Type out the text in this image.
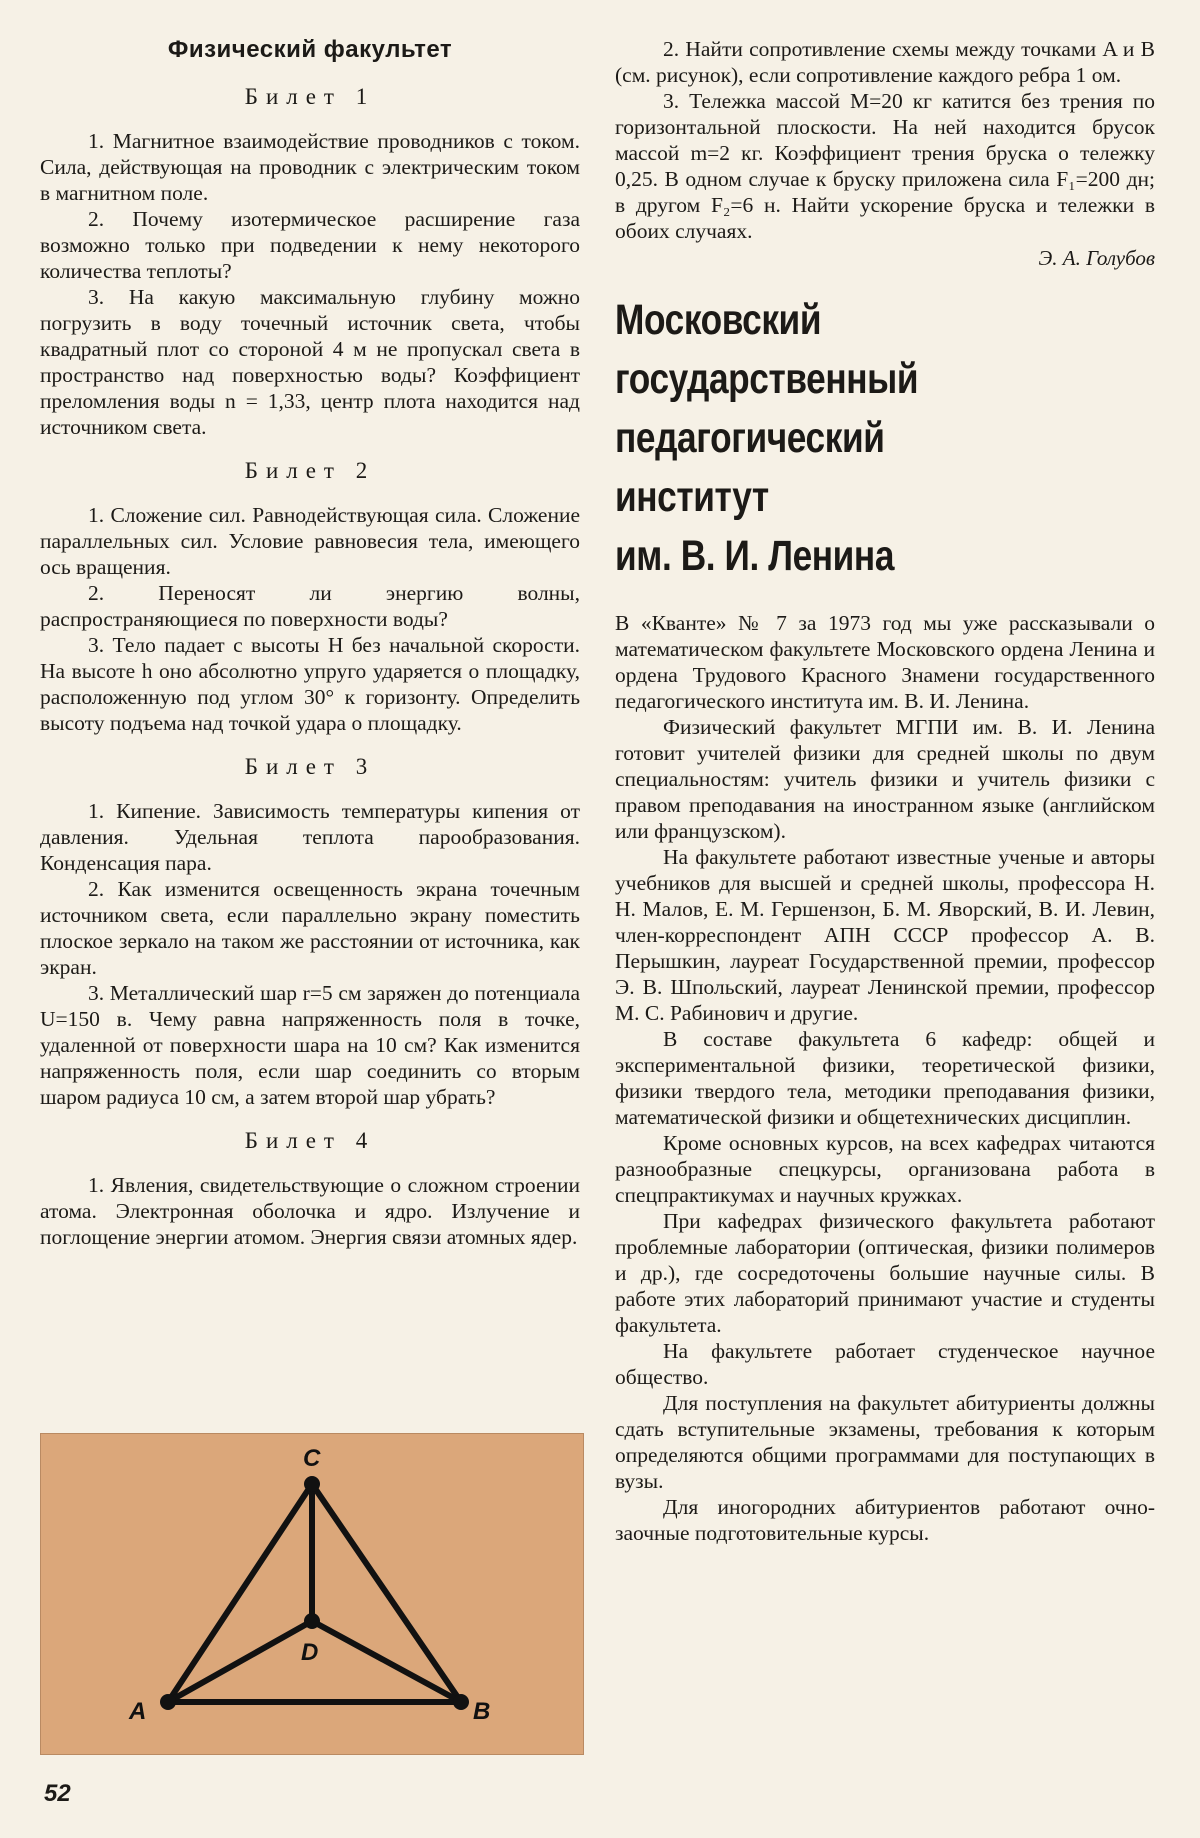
Физический факультет
Билет 1

1. Магнитное взаимодействие проводников с током. Сила, действующая на проводник с электрическим током в магнитном поле.

2. Почему изотермическое расширение газа возможно только при подведении к нему некоторого количества теплоты?

3. На какую максимальную глубину можно погрузить в воду точечный источник света, чтобы квадратный плот со стороной 4 м не пропускал света в пространство над поверхностью воды? Коэффициент преломления воды n = 1,33, центр плота находится над источником света.

Билет 2

1. Сложение сил. Равнодействующая сила. Сложение параллельных сил. Условие равновесия тела, имеющего ось вращения.

2. Переносят ли энергию волны, распространяющиеся по поверхности воды?

3. Тело падает с высоты H без начальной скорости. На высоте h оно абсолютно упруго ударяется о площадку, расположенную под углом 30° к горизонту. Определить высоту подъема над точкой удара о площадку.

Билет 3

1. Кипение. Зависимость температуры кипения от давления. Удельная теплота парообразования. Конденсация пара.

2. Как изменится освещенность экрана точечным источником света, если параллельно экрану поместить плоское зеркало на таком же расстоянии от источника, как экран.

3. Металлический шар r=5 см заряжен до потенциала U=150 в. Чему равна напряженность поля в точке, удаленной от поверхности шара на 10 см? Как изменится напряженность поля, если шар соединить со вторым шаром радиуса 10 см, а затем второй шар убрать?

Билет 4

1. Явления, свидетельствующие о сложном строении атома. Электронная оболочка и ядро. Излучение и поглощение энергии атомом. Энергия связи атомных ядер.

C
D
A	B

2. Найти сопротивление схемы между точками A и B (см. рисунок), если сопротивление каждого ребра 1 ом.

3. Тележка массой M=20 кг катится без трения по горизонтальной плоскости. На ней находится брусок массой m=2 кг. Коэффициент трения бруска о тележку 0,25. В одном случае к бруску приложена сила F₁=200 дн; в другом F₂=6 н. Найти ускорение бруска и тележки в обоих случаях.

Э. А. Голубов
Московский
государственный
педагогический
институт
им. В. И. Ленина

В «Кванте» № 7 за 1973 год мы уже рассказывали о математическом факультете Московского ордена Ленина и ордена Трудового Красного Знамени государственного педагогического института им. В. И. Ленина.

Физический факультет МГПИ им. В. И. Ленина готовит учителей физики для средней школы по двум специальностям: учитель физики и учитель физики с правом преподавания на иностранном языке (английском или французском).

На факультете работают известные ученые и авторы учебников для высшей и средней школы, профессора Н. Н. Малов, Е. М. Гершензон, Б. М. Яворский, В. И. Левин, член-корреспондент АПН СССР профессор А. В. Перышкин, лауреат Государственной премии, профессор Э. В. Шпольский, лауреат Ленинской премии, профессор М. С. Рабинович и другие.

В составе факультета 6 кафедр: общей и экспериментальной физики, теоретической физики, физики твердого тела, методики преподавания физики, математической физики и общетехнических дисциплин.

Кроме основных курсов, на всех кафедрах читаются разнообразные спецкурсы, организована работа в спецпрактикумах и научных кружках.

При кафедрах физического факультета работают проблемные лаборатории (оптическая, физики полимеров и др.), где сосредоточены большие научные силы. В работе этих лабораторий принимают участие и студенты факультета.

На факультете работает студенческое научное общество.

Для поступления на факультет абитуриенты должны сдать вступительные экзамены, требования к которым определяются общими программами для поступающих в вузы.

Для иногородних абитуриентов работают очно-заочные подготовительные курсы.

52
